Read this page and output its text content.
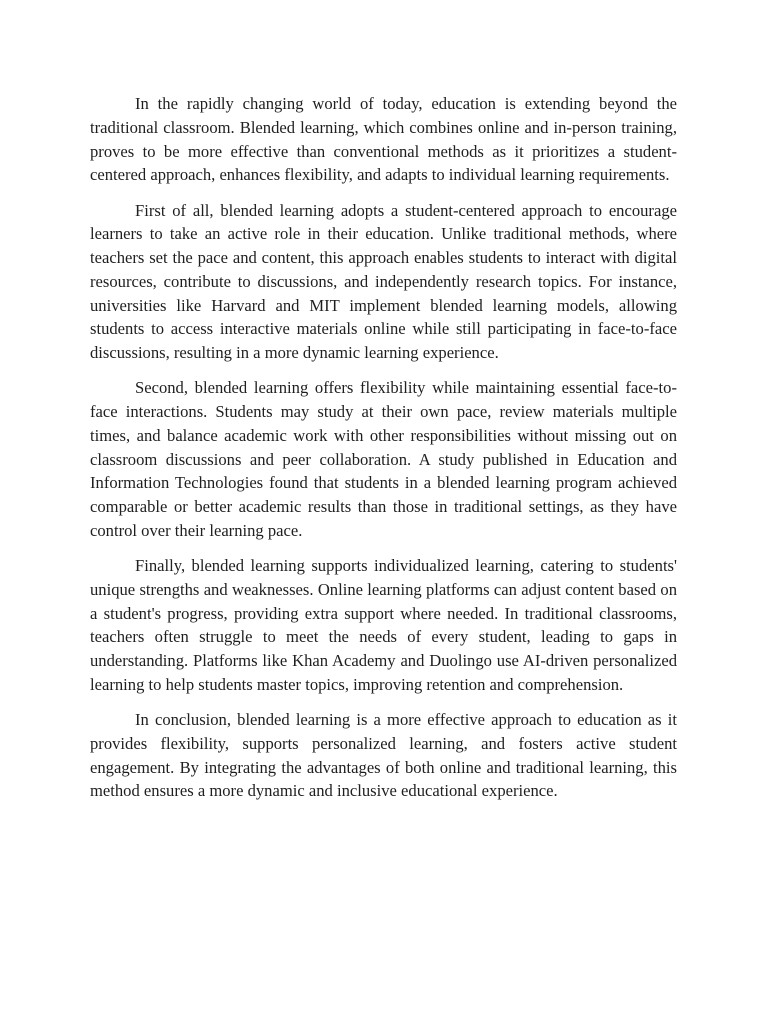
In the rapidly changing world of today, education is extending beyond the traditional classroom. Blended learning, which combines online and in-person training, proves to be more effective than conventional methods as it prioritizes a student-centered approach, enhances flexibility, and adapts to individual learning requirements.

First of all, blended learning adopts a student-centered approach to encourage learners to take an active role in their education. Unlike traditional methods, where teachers set the pace and content, this approach enables students to interact with digital resources, contribute to discussions, and independently research topics. For instance, universities like Harvard and MIT implement blended learning models, allowing students to access interactive materials online while still participating in face-to-face discussions, resulting in a more dynamic learning experience.

Second, blended learning offers flexibility while maintaining essential face-to-face interactions. Students may study at their own pace, review materials multiple times, and balance academic work with other responsibilities without missing out on classroom discussions and peer collaboration. A study published in Education and Information Technologies found that students in a blended learning program achieved comparable or better academic results than those in traditional settings, as they have control over their learning pace.

Finally, blended learning supports individualized learning, catering to students' unique strengths and weaknesses. Online learning platforms can adjust content based on a student's progress, providing extra support where needed. In traditional classrooms, teachers often struggle to meet the needs of every student, leading to gaps in understanding. Platforms like Khan Academy and Duolingo use AI-driven personalized learning to help students master topics, improving retention and comprehension.

In conclusion, blended learning is a more effective approach to education as it provides flexibility, supports personalized learning, and fosters active student engagement. By integrating the advantages of both online and traditional learning, this method ensures a more dynamic and inclusive educational experience.
